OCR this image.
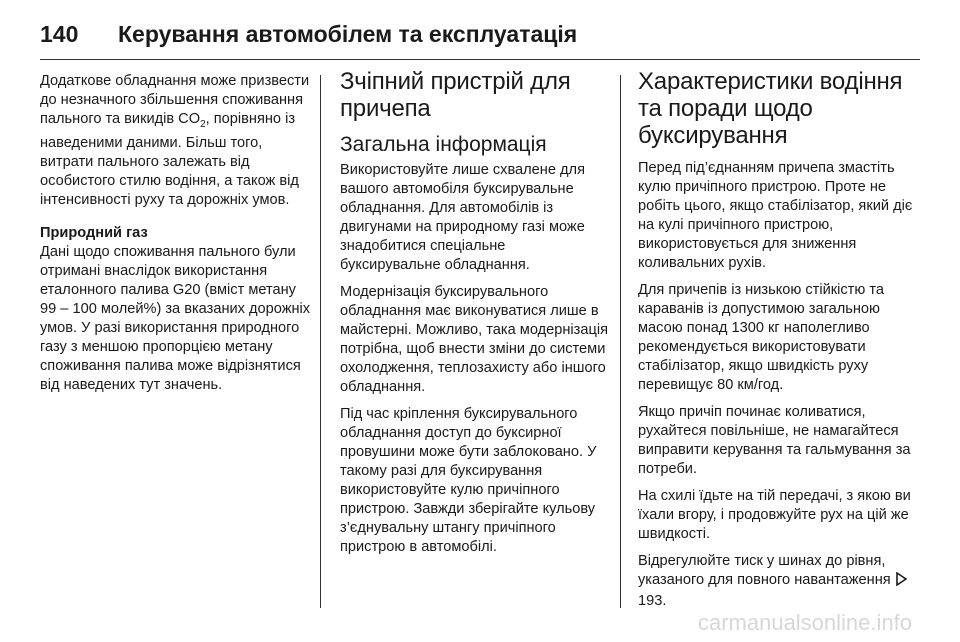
140	Керування автомобілем та експлуатація

Додаткове обладнання може призвести до незначного збільшення споживання пального та викидів $CO_2$, порівняно із наведеними даними. Більш того, витрати пального залежать від особистого стилю водіння, а також від інтенсивності руху та дорожніх умов.

Природний газ

Дані щодо споживання пального були отримані внаслідок використання еталонного палива G20 (вміст метану 99 – 100 молей%) за вказаних дорожніх умов. У разі використання природного газу з меншою пропорцією метану споживання палива може відрізнятися від наведених тут значень.

Зчіпний пристрій для причепа
Загальна інформація

Використовуйте лише схвалене для вашого автомобіля буксирувальне обладнання. Для автомобілів із двигунами на природному газі може знадобитися спеціальне буксирувальне обладнання.

Модернізація буксирувального обладнання має виконуватися лише в майстерні. Можливо, така модернізація потрібна, щоб внести зміни до системи охолодження, теплозахисту або іншого обладнання.

Під час кріплення буксирувального обладнання доступ до буксирної провушини може бути заблоковано. У такому разі для буксирування використовуйте кулю причіпного пристрою. Завжди зберігайте кульову з’єднувальну штангу причіпного пристрою в автомобілі.

Характеристики водіння та поради щодо буксирування

Перед під’єднанням причепа змастіть кулю причіпного пристрою. Проте не робіть цього, якщо стабілізатор, який діє на кулі причіпного пристрою, використовується для зниження коливальних рухів.

Для причепів із низькою стійкістю та караванів із допустимою загальною масою понад 1300 кг наполегливо рекомендується використовувати стабілізатор, якщо швидкість руху перевищує 80 км/год.

Якщо причіп починає коливатися, рухайтеся повільніше, не намагайтеся виправити керування та гальмування за потреби.

На схилі їдьте на тій передачі, з якою ви їхали вгору, і продовжуйте рух на цій же швидкості.

Відрегулюйте тиск у шинах до рівня, указаного для повного навантаження  193.

carmanualsonline.info
